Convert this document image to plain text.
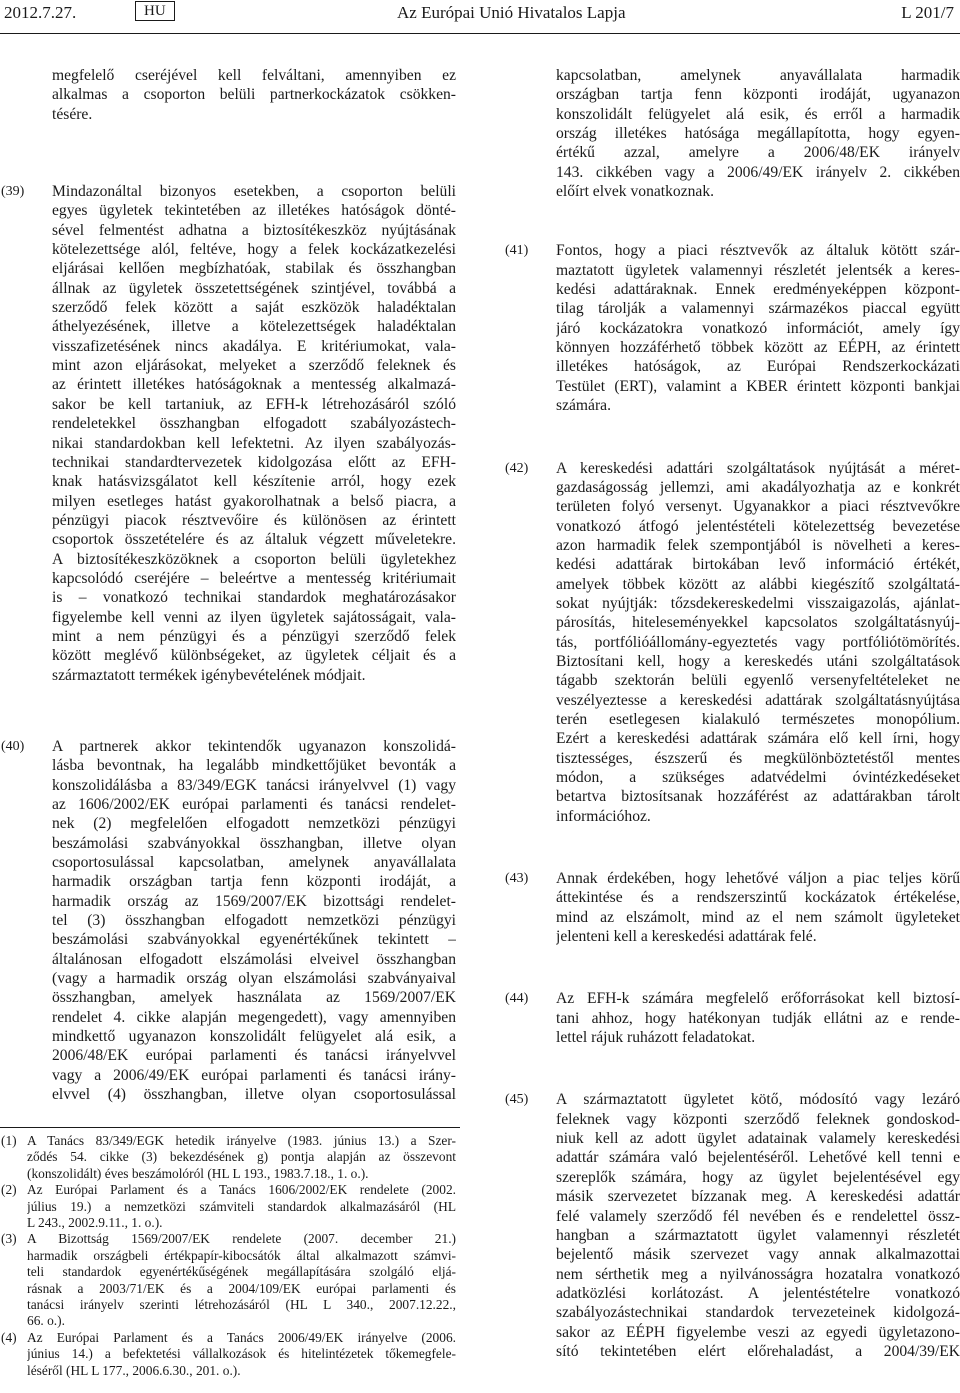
2012.7.27.	HU	Az Európai Unió Hivatalos Lapja	L 201/7
megfelelő cseréjével kell felváltani, amennyiben ez
alkalmas a csoporton belüli partnerkockázatok csökken-
tésére.
(39) Mindazonáltal bizonyos esetekben, a csoporton belüli
egyes ügyletek tekintetében az illetékes hatóságok dönté-
sével felmentést adhatna a biztosítékeszköz nyújtásának
kötelezettsége alól, feltéve, hogy a felek kockázatkezelési
eljárásai kellően megbízhatóak, stabilak és összhangban
állnak az ügyletek összetettségének szintjével, továbbá a
szerződő felek között a saját eszközök haladéktalan
áthelyezésének, illetve a kötelezettségek haladéktalan
visszafizetésének nincs akadálya. E kritériumokat, vala-
mint azon eljárásokat, melyeket a szerződő feleknek és
az érintett illetékes hatóságoknak a mentesség alkalmazá-
sakor be kell tartaniuk, az EFH-k létrehozásáról szóló
rendeletekkel összhangban elfogadott szabályozástech-
nikai standardokban kell lefektetni. Az ilyen szabályozás-
technikai standardtervezetek kidolgozása előtt az EFH-
knak hatásvizsgálatot kell készítenie arról, hogy ezek
milyen esetleges hatást gyakorolhatnak a belső piacra, a
pénzügyi piacok résztvevőire és különösen az érintett
csoportok összetételére és az általuk végzett műveletekre.
A biztosítékeszközöknek a csoporton belüli ügyletekhez
kapcsolódó cseréjére – beleértve a mentesség kritériumait
is – vonatkozó technikai standardok meghatározásakor
figyelembe kell venni az ilyen ügyletek sajátosságait, vala-
mint a nem pénzügyi és a pénzügyi szerződő felek
között meglévő különbségeket, az ügyletek céljait és a
származtatott termékek igénybevételének módjait.
(40) A partnerek akkor tekintendők ugyanazon konszolidá-
lásba bevontnak, ha legalább mindkettőjüket bevonták a
konszolidálásba a 83/349/EGK tanácsi irányelvvel (1) vagy
az 1606/2002/EK európai parlamenti és tanácsi rendelet-
nek (2) megfelelően elfogadott nemzetközi pénzügyi
beszámolási szabványokkal összhangban, illetve olyan
csoportosulással kapcsolatban, amelynek anyavállalata
harmadik országban tartja fenn központi irodáját, a
harmadik ország az 1569/2007/EK bizottsági rendelet-
tel (3) összhangban elfogadott nemzetközi pénzügyi
beszámolási szabványokkal egyenértékűnek tekintett –
általánosan elfogadott elszámolási elveivel összhangban
(vagy a harmadik ország olyan elszámolási szabványaival
összhangban, amelyek használata az 1569/2007/EK
rendelet 4. cikke alapján megengedett), vagy amennyiben
mindkettő ugyanazon konszolidált felügyelet alá esik, a
2006/48/EK európai parlamenti és tanácsi irányelvvel
vagy a 2006/49/EK európai parlamenti és tanácsi irány-
elvvel (4) összhangban, illetve olyan csoportosulással
(1) A Tanács 83/349/EGK hetedik irányelve (1983. június 13.) a Szer-
ződés 54. cikke (3) bekezdésének g) pontja alapján az összevont
(konszolidált) éves beszámolóról (HL L 193., 1983.7.18., 1. o.).
(2) Az Európai Parlament és a Tanács 1606/2002/EK rendelete (2002.
július 19.) a nemzetközi számviteli standardok alkalmazásáról (HL
L 243., 2002.9.11., 1. o.).
(3) A Bizottság 1569/2007/EK rendelete (2007. december 21.)
harmadik országbeli értékpapír-kibocsátók által alkalmazott számvi-
teli standardok egyenértékűségének megállapítására szolgáló eljá-
rásnak a 2003/71/EK és a 2004/109/EK európai parlamenti és
tanácsi irányelv szerinti létrehozásáról (HL L 340., 2007.12.22.,
66. o.).
(4) Az Európai Parlament és a Tanács 2006/49/EK irányelve (2006.
június 14.) a befektetési vállalkozások és hitelintézetek tőkemegfele-
léséről (HL L 177., 2006.6.30., 201. o.).
kapcsolatban, amelynek anyavállalata harmadik
országban tartja fenn központi irodáját, ugyanazon
konszolidált felügyelet alá esik, és erről a harmadik
ország illetékes hatósága megállapította, hogy egyen-
értékű azzal, amelyre a 2006/48/EK irányelv
143. cikkében vagy a 2006/49/EK irányelv 2. cikkében
előírt elvek vonatkoznak.
(41) Fontos, hogy a piaci résztvevők az általuk kötött szár-
maztatott ügyletek valamennyi részletét jelentsék a keres-
kedési adattáraknak. Ennek eredményeképpen központ-
tilag tárolják a valamennyi származékos piaccal együtt
járó kockázatokra vonatkozó információt, amely így
könnyen hozzáférhető többek között az EÉPH, az érintett
illetékes hatóságok, az Európai Rendszerkockázati
Testület (ERT), valamint a KBER érintett központi bankjai
számára.
(42) A kereskedési adattári szolgáltatások nyújtását a méret-
gazdaságosság jellemzi, ami akadályozhatja az e konkrét
területen folyó versenyt. Ugyanakkor a piaci résztvevőkre
vonatkozó átfogó jelentéstételi kötelezettség bevezetése
azon harmadik felek szempontjából is növelheti a keres-
kedési adattárak birtokában levő információ értékét,
amelyek többek között az alábbi kiegészítő szolgáltatá-
sokat nyújtják: tőzsdekereskedelmi visszaigazolás, ajánlat-
párosítás, hiteleseményekkel kapcsolatos szolgáltatásnyúj-
tás, portfólióállomány-egyeztetés vagy portfóliótömörítés.
Biztosítani kell, hogy a kereskedés utáni szolgáltatások
tágabb szektorán belüli egyenlő versenyfeltételeket ne
veszélyeztesse a kereskedési adattárak szolgáltatásnyújtása
terén esetlegesen kialakuló természetes monopólium.
Ezért a kereskedési adattárak számára elő kell írni, hogy
tisztességes, észszerű és megkülönböztetéstől mentes
módon, a szükséges adatvédelmi óvintézkedéseket
betartva biztosítsanak hozzáférést az adattárakban tárolt
információhoz.
(43) Annak érdekében, hogy lehetővé váljon a piac teljes körű
áttekintése és a rendszerszintű kockázatok értékelése,
mind az elszámolt, mind az el nem számolt ügyleteket
jelenteni kell a kereskedési adattárak felé.
(44) Az EFH-k számára megfelelő erőforrásokat kell biztosí-
tani ahhoz, hogy hatékonyan tudják ellátni az e rende-
lettel rájuk ruházott feladatokat.
(45) A származtatott ügyletet kötő, módosító vagy lezáró
feleknek vagy központi szerződő feleknek gondoskod-
niuk kell az adott ügylet adatainak valamely kereskedési
adattár számára való bejelentéséről. Lehetővé kell tenni e
szereplők számára, hogy az ügylet bejelentésével egy
másik szervezetet bízzanak meg. A kereskedési adattár
felé valamely szerződő fél nevében és e rendelettel össz-
hangban a származtatott ügylet valamennyi részletét
bejelentő másik szervezet vagy annak alkalmazottai
nem sérthetik meg a nyilvánosságra hozatalra vonatkozó
adatközlési korlátozást. A jelentéstételre vonatkozó
szabályozástechnikai standardok tervezeteinek kidolgozá-
sakor az EÉPH figyelembe veszi az egyedi ügyletazono-
sító tekintetében elért előrehaladást, a 2004/39/EK
